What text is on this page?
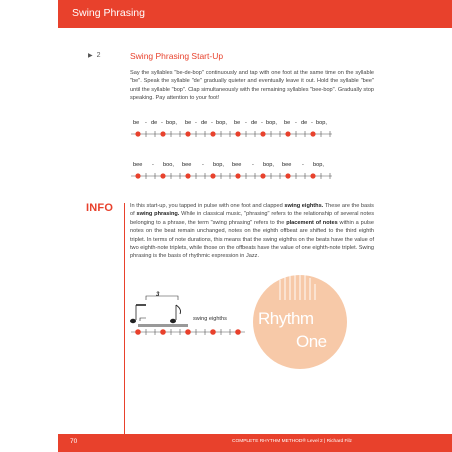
Swing Phrasing
▶ 2	Swing Phrasing Start-Up
Say the syllables "be-de-bop" continuously and tap with one foot at the same time on the syllable "be". Speak the syllable "de" gradually quieter and eventually leave it out. Hold the syllable "bee" until the syllable "bop". Clap simultaneously with the remaining syllables "bee-bop". Gradually stop speaking. Pay attention to your foot!
be - de - bop, be - de - bop, be - de - bop, be - de - bop,
bee - boo, bee - bop, bee - bop, bee - bop,
INFO	In this start-up, you tapped in pulse with one foot and clapped swing eighths. These are the basis of swing phrasing. While in classical music, "phrasing" refers to the relationship of several notes belonging to a phrase, the term "swing phrasing" refers to the placement of notes within a pulse notes on the beat remain unchanged, notes on the eighth offbeat are shifted to the third eighth triplet. In terms of note durations, this means that the swing eighths on the beats have the value of two eighth-note triplets, while those on the offbeats have the value of one eighth-note triplet. Swing phrasing is the basis of rhythmic expression in Jazz.
3
swing eighths Rhythm
One
70	COMPLETE RHYTHM METHOD® Level 2 | Richard Filz
